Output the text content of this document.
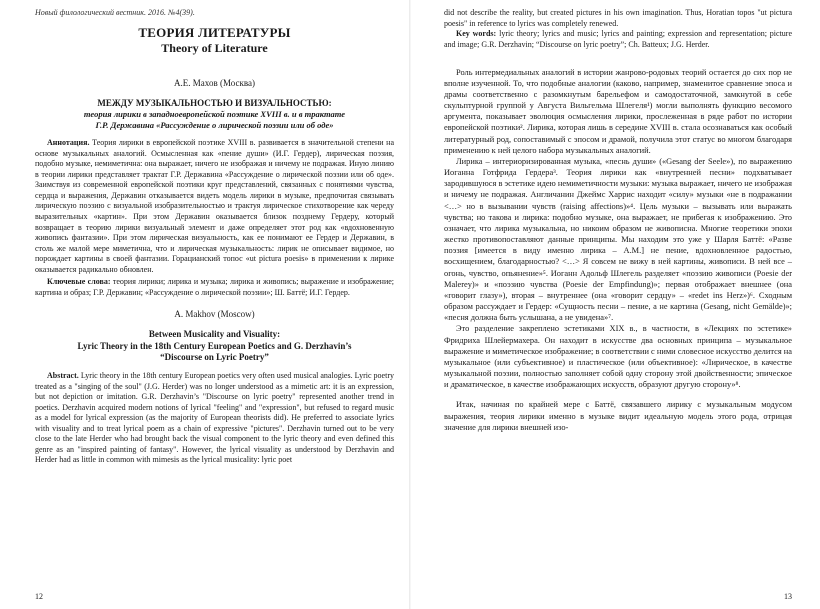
Новый филологический вестник. 2016. №4(39).
ТЕОРИЯ ЛИТЕРАТУРЫ
Theory of Literature
А.Е. Махов (Москва)
МЕЖДУ МУЗЫКАЛЬНОСТЬЮ И ВИЗУАЛЬНОСТЬЮ:
теория лирики в западноевропейской поэтике XVIII в. и в трактате
Г.Р. Державина «Рассуждение о лирической поэзии или об оде»

Аннотация. Теория лирики в европейской поэтике XVIII в. развивается в значительной степени на основе музыкальных аналогий. Осмысленная как «пение души» (И.Г. Гердер), лирическая поэзия, подобно музыке, немиметична: она выражает, ничего не изображая и ничему не подражая. Иную линию в теории лирики представляет трактат Г.Р. Державина «Рассуждение о лирической поэзии или об оде». Заимствуя из современной европейской поэтики круг представлений, связанных с понятиями чувства, сердца и выражения, Державин отказывается видеть модель лирики в музыке, предпочитая связывать лирическую поэзию с визуальной изобразительностью и трактуя лирическое стихотворение как череду выразительных «картин». При этом Державин оказывается близок позднему Гердеру, который возвращает в теорию лирики визуальный элемент и даже определяет этот род как «вдохновенную живопись фантазии». При этом лирическая визуальность, как ее понимают ее Гердер и Державин, в столь же малой мере миметична, что и лирическая музыкальность: лирик не описывает видимое, но порождает картины в своей фантазии. Горацианский топос «ut pictura poesis» в применении к лирике оказывается радикально обновлен.

Ключевые слова: теория лирики; лирика и музыка; лирика и живопись; выражение и изображение; картина и образ; Г.Р. Державин; «Рассуждение о лирической поэзии»; Ш. Баттё; И.Г. Гердер.

A. Makhov (Moscow)
Between Musicality and Visuality:
Lyric Theory in the 18th Century European Poetics and G. Derzhavin’s
“Discourse on Lyric Poetry”

Abstract. Lyric theory in the 18th century European poetics very often used musical analogies. Lyric poetry treated as a "singing of the soul" (J.G. Herder) was no longer understood as a mimetic art: it is an expression, but not depiction or imitation. G.R. Derzhavin’s "Discourse on lyric poetry" represented another trend in poetics. Derzhavin acquired modern notions of lyrical "feeling" and "expression", but refused to regard music as a model for lyrical expression (as the majority of European theorists did). He preferred to associate lyrics with visuality and to treat lyrical poem as a chain of expressive "pictures". Derzhavin turned out to be very close to the late Herder who had brought back the visual component to the lyric theory and even defined this genre as an "inspired painting of fantasy". However, the lyrical visuality as understood by Derzhavin and Herder had as little in common with mimesis as the lyrical musicality: lyric poet

12

did not describe the reality, but created pictures in his own imagination. Thus, Horatian topos "ut pictura poesis" in reference to lyrics was completely renewed.

Key words: lyric theory; lyrics and music; lyrics and painting; expression and representation; picture and image; G.R. Derzhavin; “Discourse on lyric poetry”; Ch. Batteux; J.G. Herder.

Роль интермедиальных аналогий в истории жанрово-родовых теорий остается до сих пор не вполне изученной. То, что подобные аналогии (каково, например, знаменитое сравнение эпоса и драмы соответственно с разомкнутым барельефом и самодостаточной, замкнутой в себе скульптурной группой у Августа Вильгельма Шлегеля¹) могли выполнять функцию весомого аргумента, показывает эволюция осмысления лирики, прослеженная в ряде работ по истории европейской поэтики². Лирика, которая лишь в середине XVIII в. стала осознаваться как особый литературный род, сопоставимый с эпосом и драмой, получила этот статус во многом благодаря применению к ней целого набора музыкальных аналогий.

Лирика – интериоризированная музыка, «песнь души» («Gesang der Seele»), по выражению Иоганна Готфрида Гердера³. Теория лирики как «внутренней песни» подхватывает зародившуюся в эстетике идею немиметичности музыки: музыка выражает, ничего не изображая и ничему не подражая. Англичанин Джеймс Харрис находит «силу» музыки «не в подражании <…> но в вызывании чувств (raising affections)»⁴. Цель музыки – вызывать или выражать чувства; но такова и лирика: подобно музыке, она выражает, не прибегая к изображению. Это означает, что лирика музыкальна, но никоим образом не живописна. Многие теоретики эпохи жестко противопоставляют данные принципы. Мы находим это уже у Шарля Баттё: «Разве поэзия [имеется в виду именно лирика – А.М.] не пение, вдохновленное радостью, восхищением, благодарностью? <…> Я совсем не вижу в ней картины, живописи. В ней все – огонь, чувство, опьянение»⁵. Иоганн Адольф Шлегель разделяет «поэзию живописи (Poesie der Malerey)» и «поэзию чувства (Poesie der Empfindung)»; первая отображает внешнее (она «говорит глазу»), вторая – внутреннее (она «говорит сердцу» – «redet ins Herz»)⁶. Сходным образом рассуждает и Гердер: «Сущность песни – пение, а не картина (Gesang, nicht Gemälde)»; «песня должна быть услышана, а не увидена»⁷.

Это разделение закреплено эстетиками XIX в., в частности, в «Лекциях по эстетике» Фридриха Шлейермахера. Он находит в искусстве два основных принципа – музыкальное выражение и миметическое изображение; в соответствии с ними словесное искусство делится на музыкальное (или субъективное) и пластическое (или объективное): «Лирическое, в качестве музыкальной поэзии, полностью заполняет собой одну сторону этой двойственности; эпическое и драматическое, в качестве изображающих искусств, образуют другую сторону»⁸.

Итак, начиная по крайней мере с Баттё, связавшего лирику с музыкальным модусом выражения, теория лирики именно в музыке видит идеальную модель этого рода, отрицая значение для лирики внешней изо-

13
